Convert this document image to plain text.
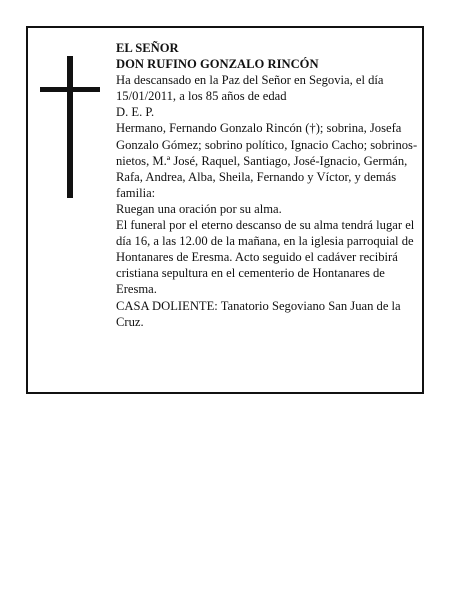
EL SEÑOR

DON RUFINO GONZALO RINCÓN

Ha descansado en la Paz del Señor en Segovia, el día 15/01/2011, a los 85 años de edad

D. E. P.

Hermano, Fernando Gonzalo Rincón (†); sobrina, Josefa Gonzalo Gómez; sobrino político, Ignacio Cacho; sobrinos-nietos, M.ª José, Raquel, Santiago, José-Ignacio, Germán, Rafa, Andrea, Alba, Sheila, Fernando y Víctor, y demás familia:

Ruegan una oración por su alma.

El funeral por el eterno descanso de su alma tendrá lugar el día 16, a las 12.00 de la mañana, en la iglesia parroquial de Hontanares de Eresma. Acto seguido el cadáver recibirá cristiana sepultura en el cementerio de Hontanares de Eresma.

CASA DOLIENTE: Tanatorio Segoviano San Juan de la Cruz.
